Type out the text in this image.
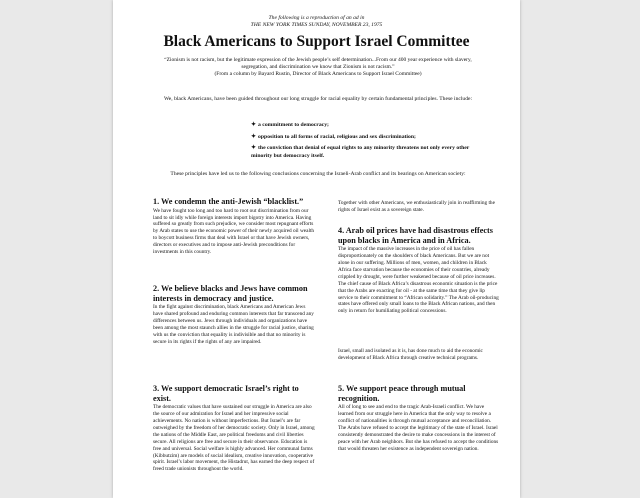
The following is a reproduction of an ad in
THE NEW YORK TIMES SUNDAY, NOVEMBER 23, 1975
Black Americans to Support Israel Committee
“Zionism is not racism, but the legitimate expression of the Jewish people’s self determination...From our 400 year experience with slavery, segregation, and discrimination we know that Zionism is not racism.”
(From a column by Bayard Rustin, Director of Black Americans to Support Israel Committee)
We, black Americans, have been guided throughout our long struggle for racial equality by certain fundamental principles. These include:
✦ a commitment to democracy;
✦ opposition to all forms of racial, religious and sex discrimination;
✦ the conviction that denial of equal rights to any minority threatens not only every other minority but democracy itself.
These principles have led us to the following conclusions concerning the Israeli-Arab conflict and its bearings on American society:

1. We condemn the anti-Jewish “blacklist.”

We have fought too long and too hard to root out discrimination from our land to sit idly while foreign interests import bigotry into America. Having suffered so greatly from such prejudice, we consider most repugnant efforts by Arab states to use the economic power of their newly acquired oil wealth to boycott business firms that deal with Israel or that have Jewish owners, directors or executives and to impose anti-Jewish preconditions for investments in this country.

2. We believe blacks and Jews have common interests in democracy and justice.

In the fight against discrimination, black Americans and American Jews have shared profound and enduring common interests that far transcend any differences between us. Jews through individuals and organizations have been among the most staunch allies in the struggle for racial justice, sharing with us the conviction that equality is indivisible and that no minority is secure in its rights if the rights of any are impaired.

3. We support democratic Israel’s right to exist.

The democratic values that have sustained our struggle in America are also the source of our admiration for Israel and her impressive social achievements. No nation is without imperfections. But Israel’s are far outweighed by the freedom of her democratic society. Only in Israel, among the nations of the Middle East, are political freedoms and civil liberties secure. All religions are free and secure in their observance. Education is free and universal. Social welfare is highly advanced. Her communal farms (Kibbutzim) are models of social idealism, creative innovation, cooperative spirit. Israel’s labor movement, the Histadrut, has earned the deep respect of freed trade unionists throughout the world.

Together with other Americans, we enthusiastically join in reaffirming the rights of Israel exist as a sovereign state.

4. Arab oil prices have had disastrous effects upon blacks in America and in Africa.

The impact of the massive increases in the price of oil has fallen disproportionately on the shoulders of black Americans. But we are not alone in our suffering. Millions of men, women, and children in Black Africa face starvation because the economies of their countries, already crippled by drought, were further weakened because of oil price increases. The chief cause of Black Africa’s disastrous economic situation is the price that the Arabs are exacting for oil - at the same time that they give lip service to their commitment to “African solidarity.” The Arab oil-producing states have offered only small loans to the Black African nations, and then only in return for humiliating political concessions.

Israel, small and isolated as it is, has done much to aid the economic development of Black Africa through creative technical programs.

5. We support peace through mutual recognition.

All of long to see and end to the tragic Arab-Israeli conflict. We have learned from our struggle here in America that the only way to resolve a conflict of nationalities is through mutual acceptance and reconciliation. The Arabs have refused to accept the legitimacy of the state of Israel. Israel consistently demonstrated the desire to make concessions in the interest of peace with her Arab neighbors. But she has refused to accept the conditions that would threaten her existence as independent sovereign nation.
